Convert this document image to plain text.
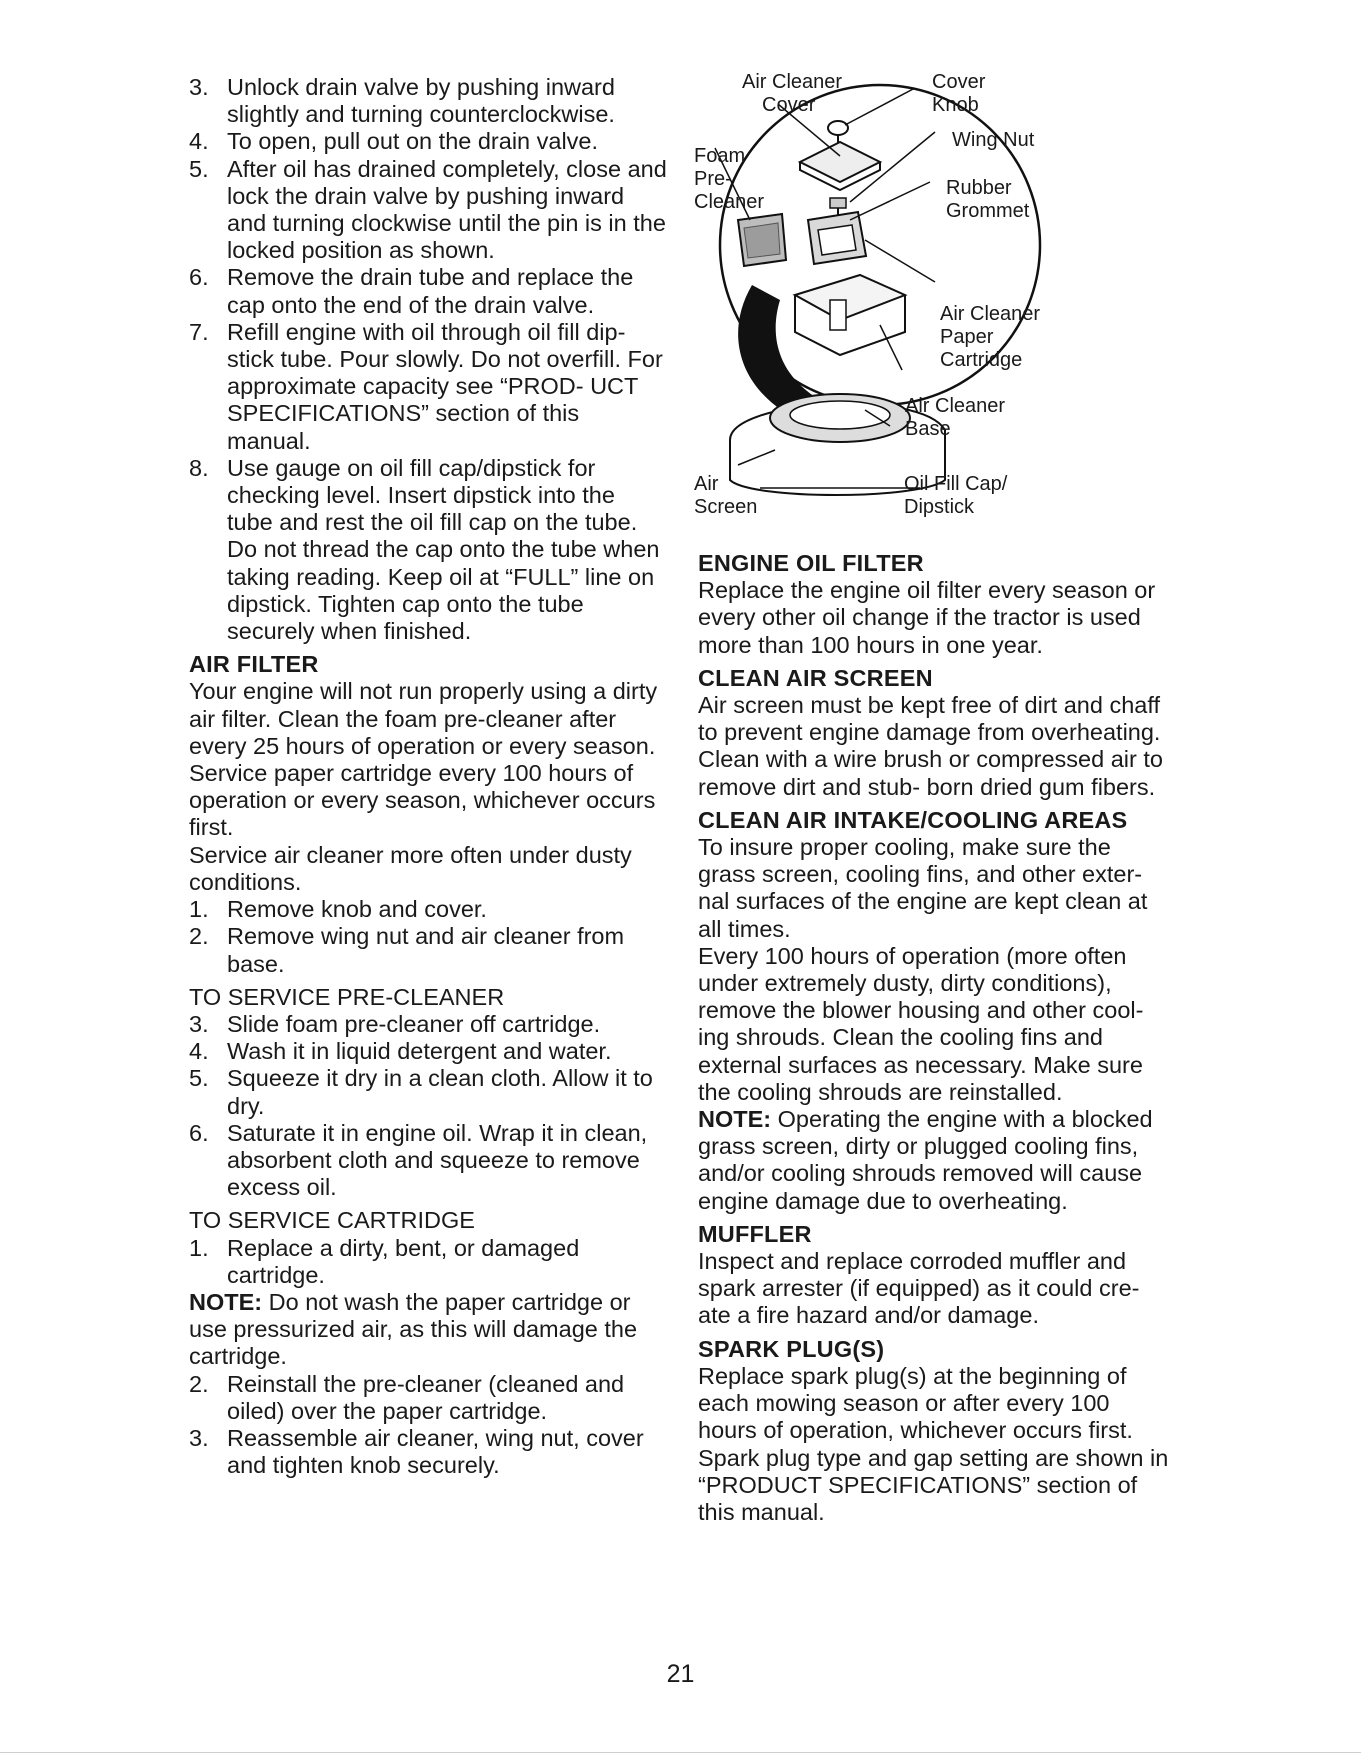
3. Unlock drain valve by pushing inward slightly and turning counterclockwise.
4. To open, pull out on the drain valve.
5. After oil has drained completely, close and lock the drain valve by pushing inward and turning clockwise until the pin is in the locked position as shown.
6. Remove the drain tube and replace the cap onto the end of the drain valve.
7. Refill engine with oil through oil fill dip- stick tube. Pour slowly. Do not overfill. For approximate capacity see “PROD- UCT SPECIFICATIONS” section of this manual.
8. Use gauge on oil fill cap/dipstick for checking level. Insert dipstick into the tube and rest the oil fill cap on the tube. Do not thread the cap onto the tube when taking reading. Keep oil at “FULL” line on dipstick. Tighten cap onto the tube securely when finished.
AIR FILTER

Your engine will not run properly using a dirty air filter. Clean the foam pre-cleaner after every 25 hours of operation or every season. Service paper cartridge every 100 hours of operation or every season, whichever occurs first.

Service air cleaner more often under dusty conditions.

1. Remove knob and cover.
2. Remove wing nut and air cleaner from base.
TO SERVICE PRE-CLEANER
3. Slide foam pre-cleaner off cartridge.
4. Wash it in liquid detergent and water.
5. Squeeze it dry in a clean cloth. Allow it to dry.
6. Saturate it in engine oil. Wrap it in clean, absorbent cloth and squeeze to remove excess oil.
TO SERVICE CARTRIDGE
1. Replace a dirty, bent, or damaged cartridge.

NOTE: Do not wash the paper cartridge or use pressurized air, as this will damage the cartridge.

2. Reinstall the pre-cleaner (cleaned and oiled) over the paper cartridge.
3. Reassemble air cleaner, wing nut, cover and tighten knob securely.
Air Cleaner
Cover
Cover
Knob
Foam
Pre-
Cleaner
Wing Nut
Rubber
Grommet
Air Cleaner
Paper
Cartridge
Air Cleaner
Base
Oil Fill Cap/
Dipstick
Air
Screen
ENGINE OIL FILTER

Replace the engine oil filter every season or every other oil change if the tractor is used more than 100 hours in one year.

CLEAN AIR SCREEN

Air screen must be kept free of dirt and chaff to prevent engine damage from overheating. Clean with a wire brush or compressed air to remove dirt and stub- born dried gum fibers.

CLEAN AIR INTAKE/COOLING AREAS

To insure proper cooling, make sure the grass screen, cooling fins, and other exter- nal surfaces of the engine are kept clean at all times.

Every 100 hours of operation (more often under extremely dusty, dirty conditions), remove the blower housing and other cool- ing shrouds. Clean the cooling fins and external surfaces as necessary. Make sure the cooling shrouds are reinstalled.

NOTE: Operating the engine with a blocked grass screen, dirty or plugged cooling fins, and/or cooling shrouds removed will cause engine damage due to overheating.

MUFFLER

Inspect and replace corroded muffler and spark arrester (if equipped) as it could cre- ate a fire hazard and/or damage.

SPARK PLUG(S)

Replace spark plug(s) at the beginning of each mowing season or after every 100 hours of operation, whichever occurs first. Spark plug type and gap setting are shown in “PRODUCT SPECIFICATIONS” section of this manual.

21
